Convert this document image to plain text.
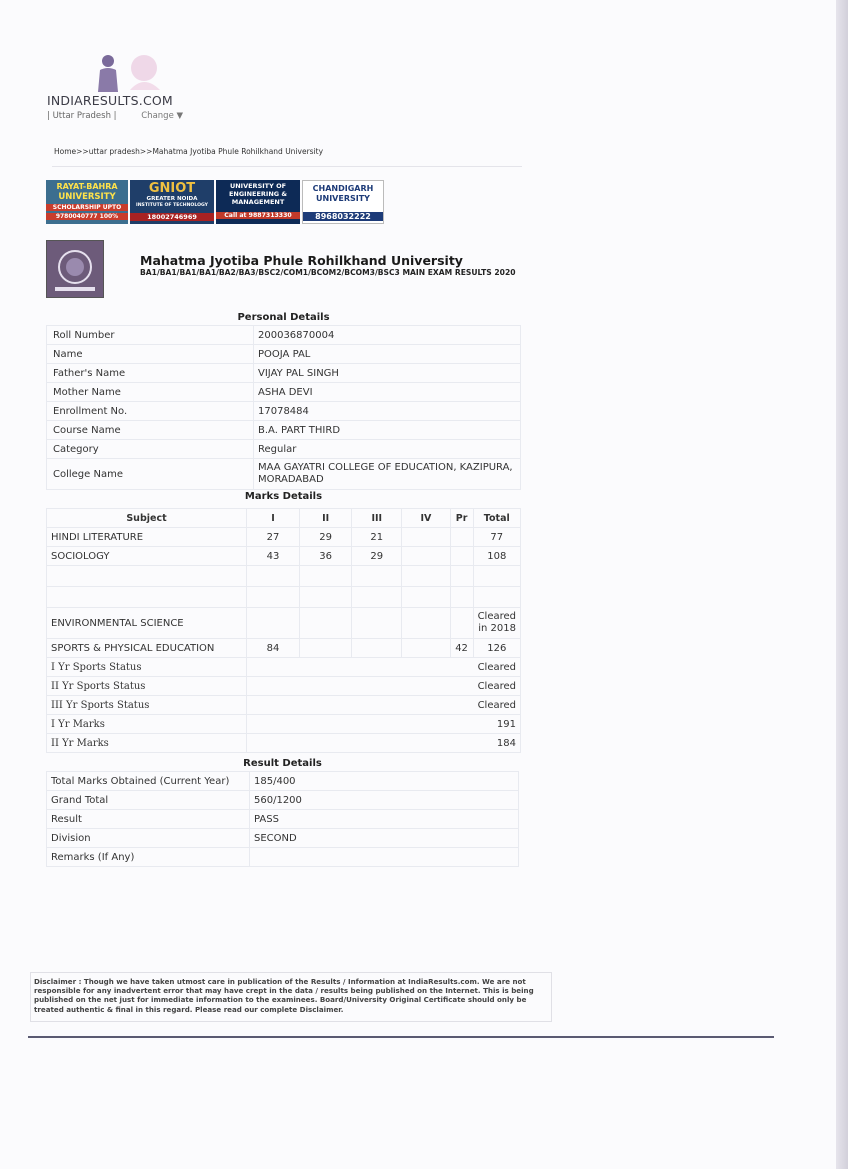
INDIARESULTS.COM
| Uttar Pradesh |	Change ▼
Home>>uttar pradesh>>Mahatma Jyotiba Phule Rohilkhand University
RAYAT-BAHRA
UNIVERSITY
SCHOLARSHIP UPTO
9780040777 100%
GNIOT
GREATER NOIDA
INSTITUTE OF TECHNOLOGY
18002746969
UNIVERSITY OF
ENGINEERING &
MANAGEMENT
Call at 9887313330
CHANDIGARH
UNIVERSITY
8968032222
Mahatma Jyotiba Phule Rohilkhand University
BA1/BA1/BA1/BA1/BA2/BA3/BSC2/COM1/BCOM2/BCOM3/BSC3 MAIN EXAM RESULTS 2020
Personal Details	
Roll Number	200036870004
Name	POOJA PAL
Father's Name	VIJAY PAL SINGH
Mother Name	ASHA DEVI
Enrollment No.	17078484
Course Name	B.A. PART THIRD
Category	Regular
College Name	MAA GAYATRI COLLEGE OF EDUCATION, KAZIPURA, MORADABAD
Marks Details
Subject	I	II	III	IV	Pr	Total
HINDI LITERATURE	27	29	21			77
SOCIOLOGY	43	36	29			108

ENVIRONMENTAL SCIENCE						Cleared in 2018
SPORTS & PHYSICAL EDUCATION	84				42	126
I Yr Sports Status	Cleared					
II Yr Sports Status	Cleared					
III Yr Sports Status	Cleared					
I Yr Marks	191					
II Yr Marks	184					
Result Details	
Total Marks Obtained (Current Year)	185/400
Grand Total	560/1200
Result	PASS
Division	SECOND
Remarks (If Any)	
Disclaimer : Though we have taken utmost care in publication of the Results / Information at IndiaResults.com. We are not responsible for any inadvertent error that may have crept in the data / results being published on the Internet. This is being published on the net just for immediate information to the examinees. Board/University Original Certificate should only be treated authentic & final in this regard. Please read our complete Disclaimer.
